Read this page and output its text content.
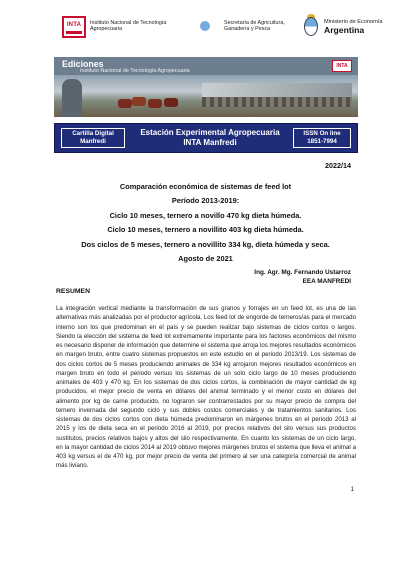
INTA	Instituto Nacional de Tecnología Agropecuaria
Secretaría de Agricultura, Ganadería y Pesca
Ministerio de Economía
Argentina
Ediciones
Instituto Nacional de Tecnología Agropecuaria
INTA
Cartilla Digital
Manfredi
Estación Experimental Agropecuaria
INTA Manfredi
ISSN On line
1851-7994
2022/14
Comparación económica de sistemas de feed lot
Período 2013-2019:
Ciclo 10 meses, ternero a novillo 470 kg dieta húmeda.
Ciclo 10 meses, ternero a novillito 403 kg dieta húmeda.
Dos ciclos de 5 meses, ternero a novillito 334 kg, dieta húmeda y seca.
Agosto de 2021
Ing. Agr. Mg. Fernando Ustarroz
EEA MANFREDI
RESUMEN
La integración vertical mediante la transformación de sus granos y forrajes en un feed lot, es una de las alternativas más analizadas por el productor agrícola. Los feed lot de engorde de terneros/as para el mercado interno son los que predominan en el país y se pueden realizar bajo sistemas de ciclos cortos o largos. Siendo la elección del sistema de feed lot extremamente importante para los factores económicos del mismo es necesario disponer de información que determine el sistema que arroja los mejores resultados económicos en margen bruto, entre cuatro sistemas propuestos en este estudio en el periodo 2013/19. Los sistemas de dos ciclos cortos de 5 meses produciendo animales de 334 kg arrojaron mejores resultados económicos en margen bruto en todo el periodo versus los sistemas de un solo ciclo largo de 10 meses produciendo animales de 403 y 470 kg. En los sistemas de dos ciclos cortos, la combinación de mayor cantidad de kg producidos, el mejor precio de venta en dólares del animal terminado y el menor costo en dólares del alimento por kg de carne producido, no lograron ser contrarrestados por su mayor precio de compra del ternero invernada del segundo ciclo y sus dobles costos comerciales y de tratamientos sanitarios. Los sistemas de dos ciclos cortos con dieta húmeda predominaron en márgenes brutos en el periodo 2013 al 2015 y los de dieta seca en el periodo 2016 al 2019, por precios relativos del silo versus sus productos sustitutos, precios relativos bajos y altos del silo respectivamente. En cuanto los sistemas de un ciclo largo, en la mayor cantidad de ciclos 2014 al 2019 obtuvo mejores márgenes brutos el sistema que lleva el animal a 403 kg versus el de 470 kg, por mejor precio de venta del primero al ser una categoría comercial de animal más liviano.
1
